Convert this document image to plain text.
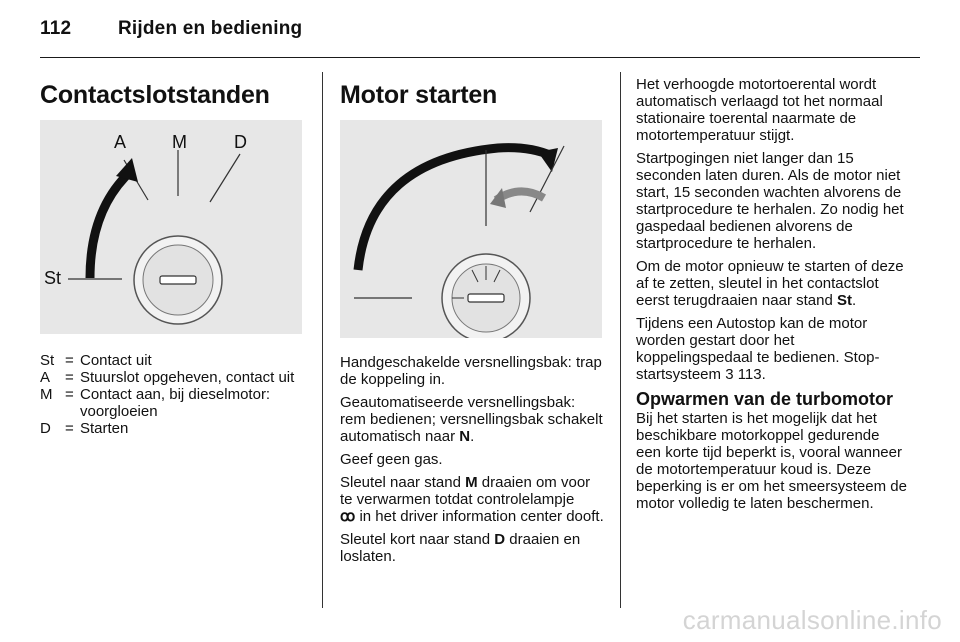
112 Rijden en bediening
Contactslotstanden
St
A	M	D
St = Contact uit
A = Stuurslot opgeheven, contact uit
M = Contact aan, bij dieselmotor: voorgloeien
D = Starten
Motor starten

Handgeschakelde versnellingsbak: trap de koppeling in.

Geautomatiseerde versnellingsbak: rem bedienen; versnellingsbak schakelt automatisch naar N.

Geef geen gas.

Sleutel naar stand M draaien om voor te verwarmen totdat controlelampje
ꝏ in het driver information center dooft.

Sleutel kort naar stand D draaien en loslaten.

Het verhoogde motortoerental wordt automatisch verlaagd tot het normaal stationaire toerental naarmate de motortemperatuur stijgt.

Startpogingen niet langer dan 15 seconden laten duren. Als de motor niet start, 15 seconden wachten alvorens de startprocedure te herhalen. Zo nodig het gaspedaal bedienen alvorens de startprocedure te herhalen.

Om de motor opnieuw te starten of deze af te zetten, sleutel in het contactslot eerst terugdraaien naar stand St.

Tijdens een Autostop kan de motor worden gestart door het koppelingspedaal te bedienen. Stop-startsysteem 3 113.

Opwarmen van de turbomotor

Bij het starten is het mogelijk dat het beschikbare motorkoppel gedurende een korte tijd beperkt is, vooral wanneer de motortemperatuur koud is. Deze beperking is er om het smeersysteem de motor volledig te laten beschermen.

carmanualsonline.info
